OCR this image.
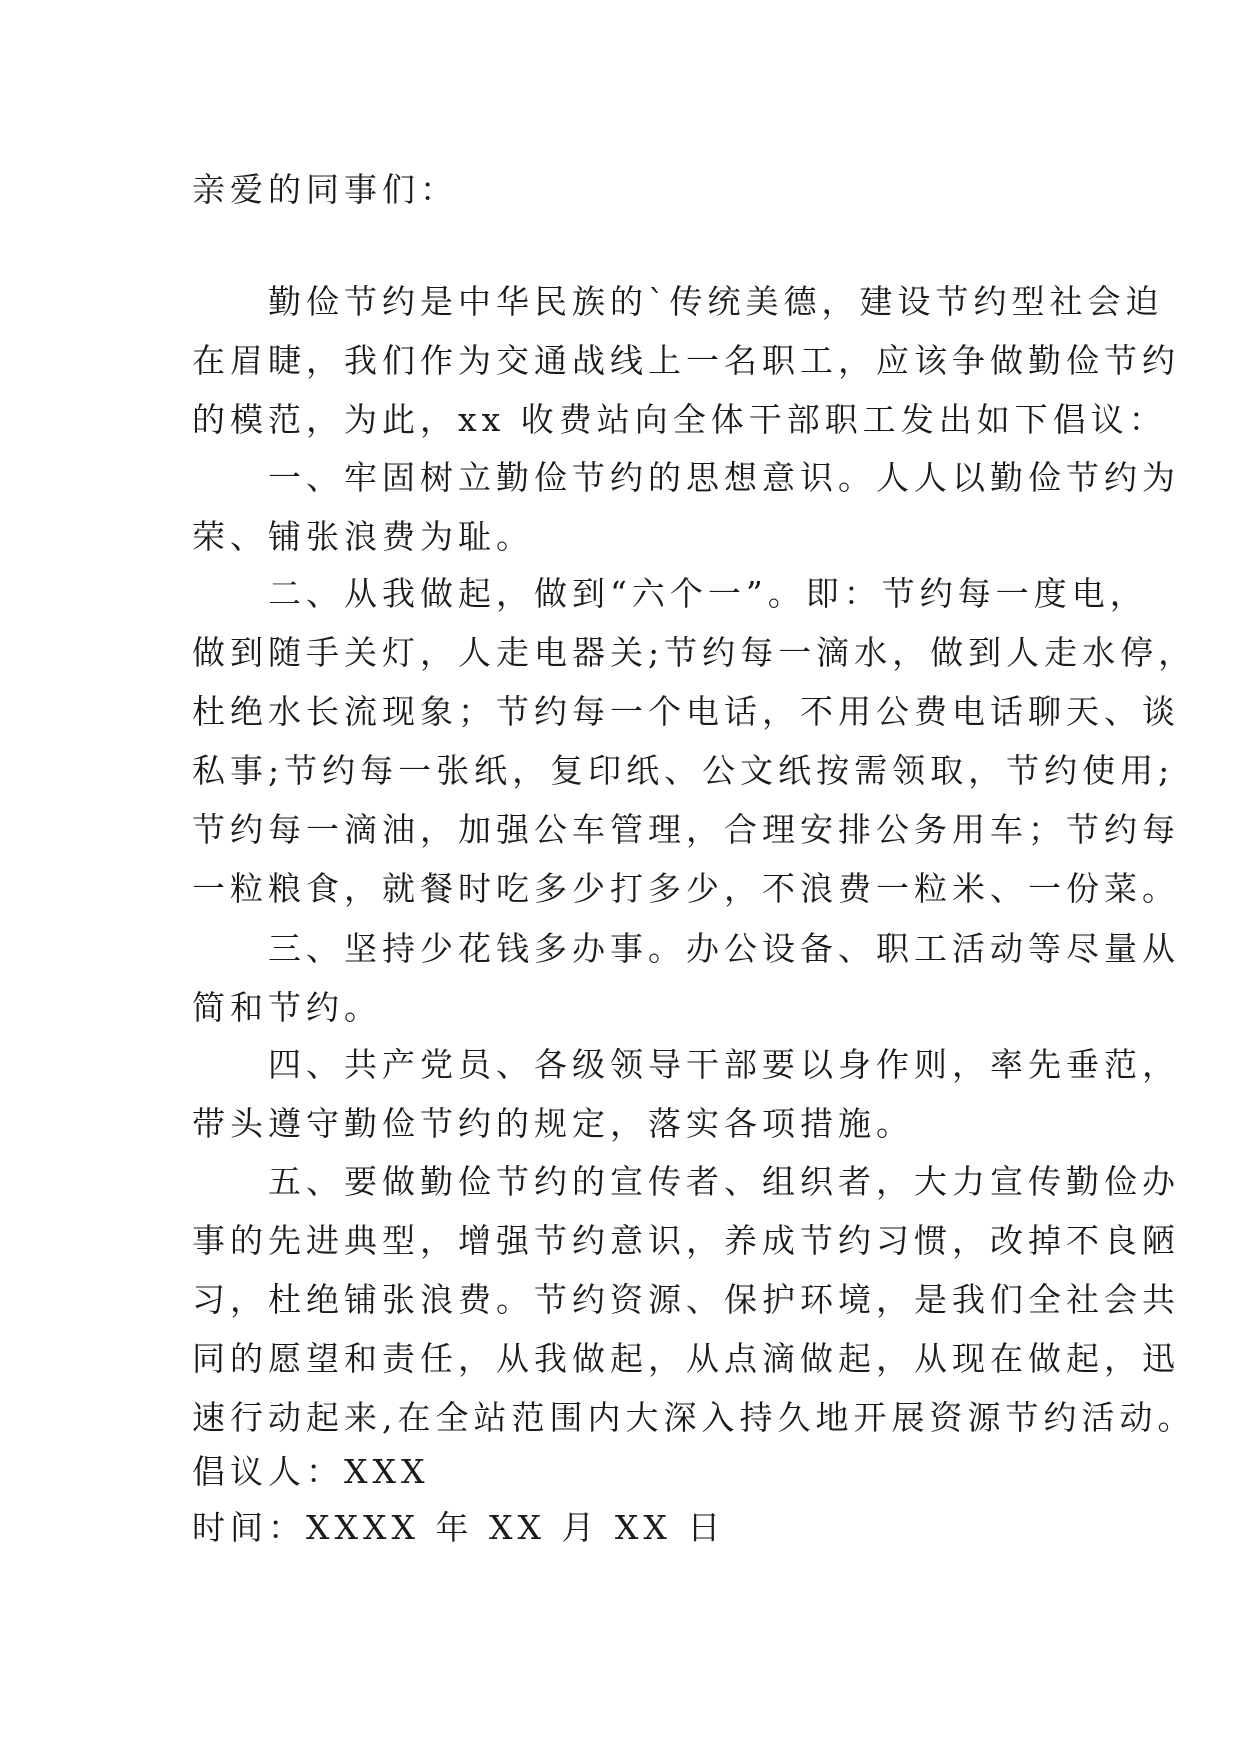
亲爱的同事们：
　　勤俭节约是中华民族的`传统美德，建设节约型社会迫
在眉睫，我们作为交通战线上一名职工，应该争做勤俭节约
的模范，为此，xx 收费站向全体干部职工发出如下倡议：
　　一、牢固树立勤俭节约的思想意识。人人以勤俭节约为
荣、铺张浪费为耻。
　　二、从我做起，做到“六个一”。即：节约每一度电，
做到随手关灯，人走电器关;节约每一滴水，做到人走水停，
杜绝水长流现象；节约每一个电话，不用公费电话聊天、谈
私事;节约每一张纸，复印纸、公文纸按需领取，节约使用;
节约每一滴油，加强公车管理，合理安排公务用车；节约每
一粒粮食，就餐时吃多少打多少，不浪费一粒米、一份菜。
　　三、坚持少花钱多办事。办公设备、职工活动等尽量从
简和节约。
　　四、共产党员、各级领导干部要以身作则，率先垂范，
带头遵守勤俭节约的规定，落实各项措施。
　　五、要做勤俭节约的宣传者、组织者，大力宣传勤俭办
事的先进典型，增强节约意识，养成节约习惯，改掉不良陋
习，杜绝铺张浪费。节约资源、保护环境，是我们全社会共
同的愿望和责任，从我做起，从点滴做起，从现在做起，迅
速行动起来,在全站范围内大深入持久地开展资源节约活动。
倡议人：XXX
时间：XXXX 年 XX 月 XX 日
